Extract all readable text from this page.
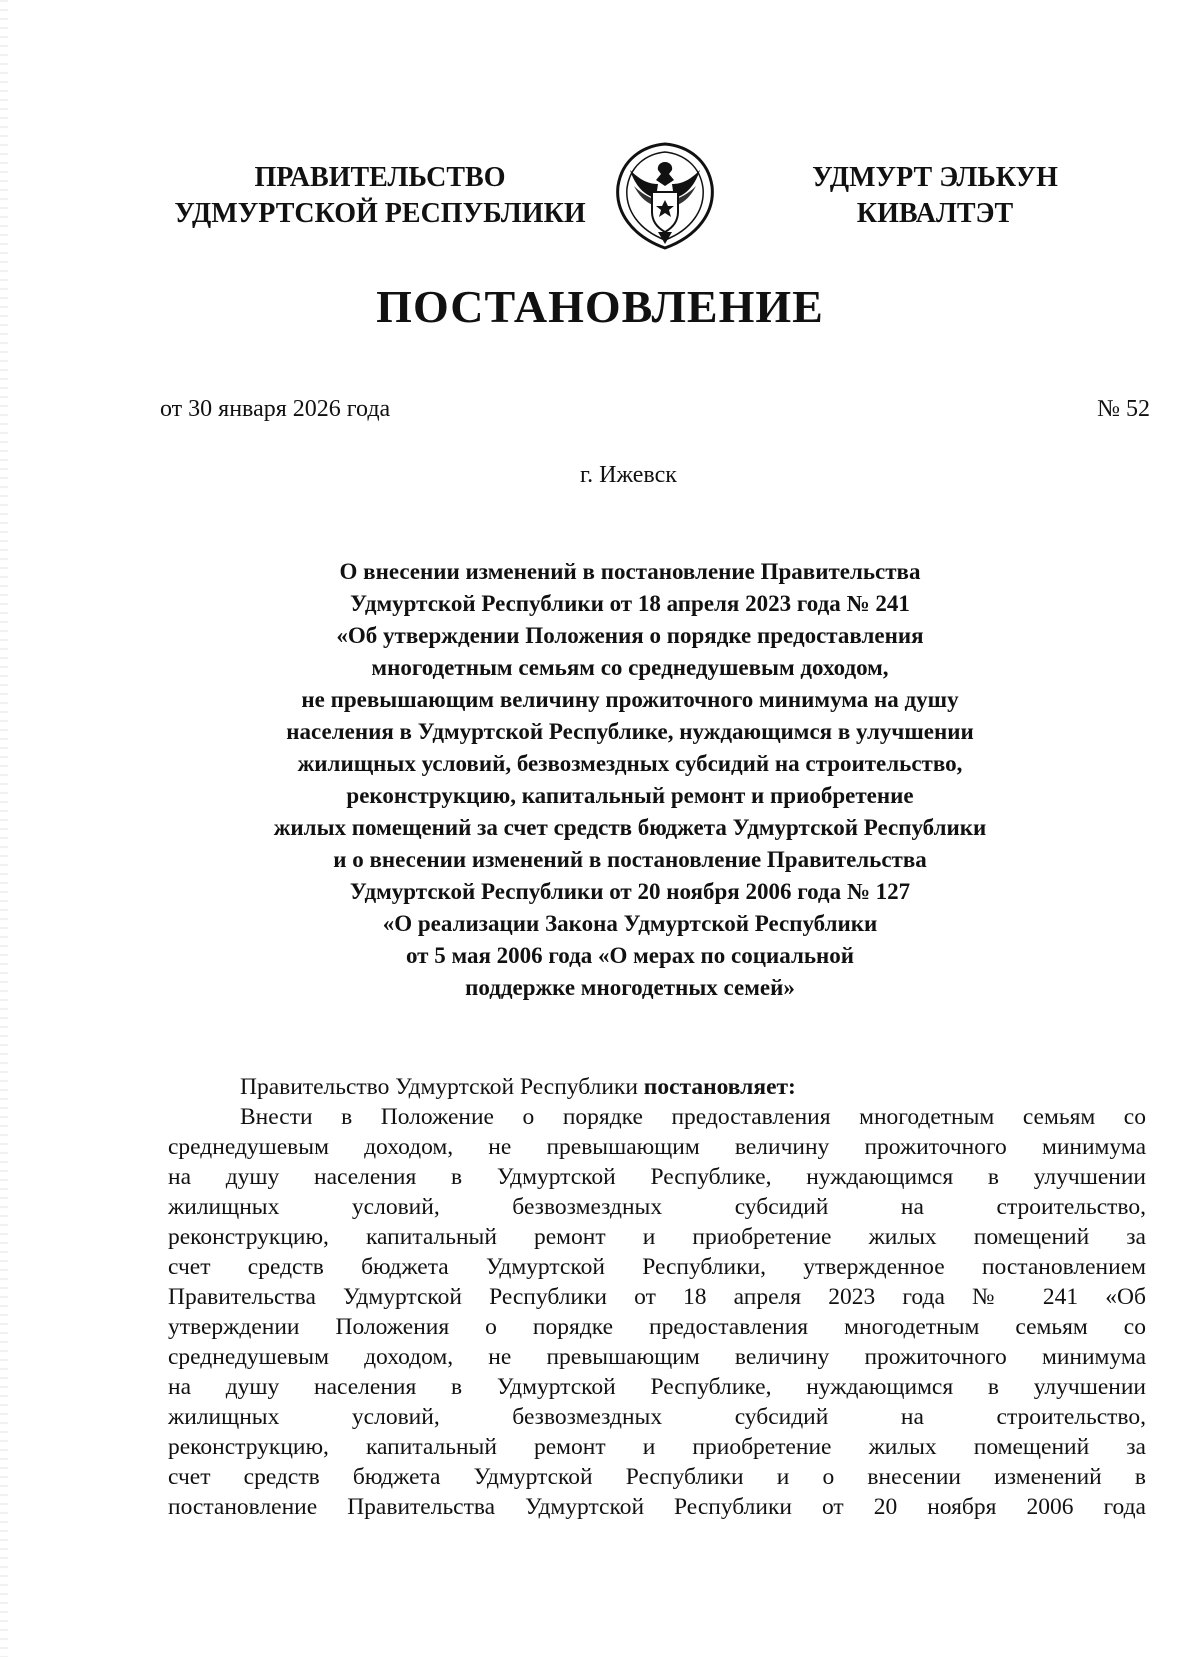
ПРАВИТЕЛЬСТВО
УДМУРТСКОЙ РЕСПУБЛИКИ
УДМУРТ ЭЛЬКУН
КИВАЛТЭТ
ПОСТАНОВЛЕНИЕ
от 30 января 2026 года	№ 52
г. Ижевск
О внесении изменений в постановление Правительства
Удмуртской Республики от 18 апреля 2023 года № 241
«Об утверждении Положения о порядке предоставления
многодетным семьям со среднедушевым доходом,
не превышающим величину прожиточного минимума на душу
населения в Удмуртской Республике, нуждающимся в улучшении
жилищных условий, безвозмездных субсидий на строительство,
реконструкцию, капитальный ремонт и приобретение
жилых помещений за счет средств бюджета Удмуртской Республики
и о внесении изменений в постановление Правительства
Удмуртской Республики от 20 ноября 2006 года № 127
«О реализации Закона Удмуртской Республики
от 5 мая 2006 года «О мерах по социальной
поддержке многодетных семей»
Правительство Удмуртской Республики постановляет:
Внести в Положение о порядке предоставления многодетным семьям со
среднедушевым доходом, не превышающим величину прожиточного минимума
на душу населения в Удмуртской Республике, нуждающимся в улучшении
жилищных условий, безвозмездных субсидий на строительство,
реконструкцию, капитальный ремонт и приобретение жилых помещений за
счет средств бюджета Удмуртской Республики, утвержденное постановлением
Правительства Удмуртской Республики от 18 апреля 2023 года № 241 «Об
утверждении Положения о порядке предоставления многодетным семьям со
среднедушевым доходом, не превышающим величину прожиточного минимума
на душу населения в Удмуртской Республике, нуждающимся в улучшении
жилищных условий, безвозмездных субсидий на строительство,
реконструкцию, капитальный ремонт и приобретение жилых помещений за
счет средств бюджета Удмуртской Республики и о внесении изменений в
постановление Правительства Удмуртской Республики от 20 ноября 2006 года
